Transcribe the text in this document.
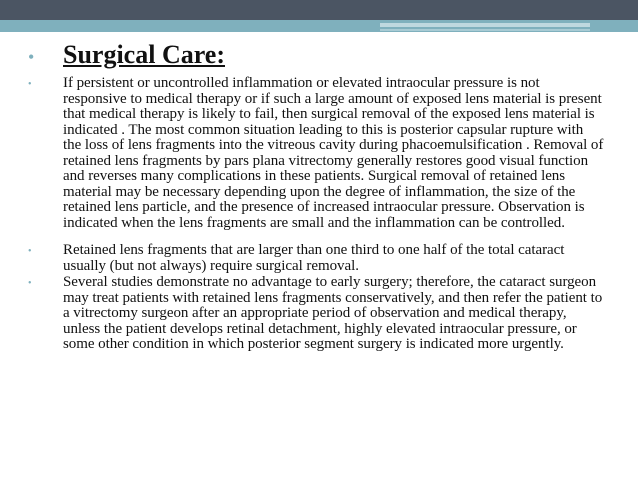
•	Surgical Care:
•	If persistent or uncontrolled inflammation or elevated intraocular pressure is not responsive to medical therapy or if such a large amount of exposed lens material is present that medical therapy is likely to fail, then surgical removal of the exposed lens material is indicated . The most common situation leading to this is posterior capsular rupture with the loss of lens fragments into the vitreous cavity during phacoemulsification . Removal of retained lens fragments by pars plana vitrectomy generally restores good visual function and reverses many complications in these patients. Surgical removal of retained lens material may be necessary depending upon the degree of inflammation, the size of the retained lens particle, and the presence of increased intraocular pressure. Observation is indicated when the lens fragments are small and the inflammation can be controlled.
•	Retained lens fragments that are larger than one third to one half of the total cataract usually (but not always) require surgical removal.
•	Several studies demonstrate no advantage to early surgery; therefore, the cataract surgeon may treat patients with retained lens fragments conservatively, and then refer the patient to a vitrectomy surgeon after an appropriate period of observation and medical therapy, unless the patient develops retinal detachment, highly elevated intraocular pressure, or some other condition in which posterior segment surgery is indicated more urgently.
